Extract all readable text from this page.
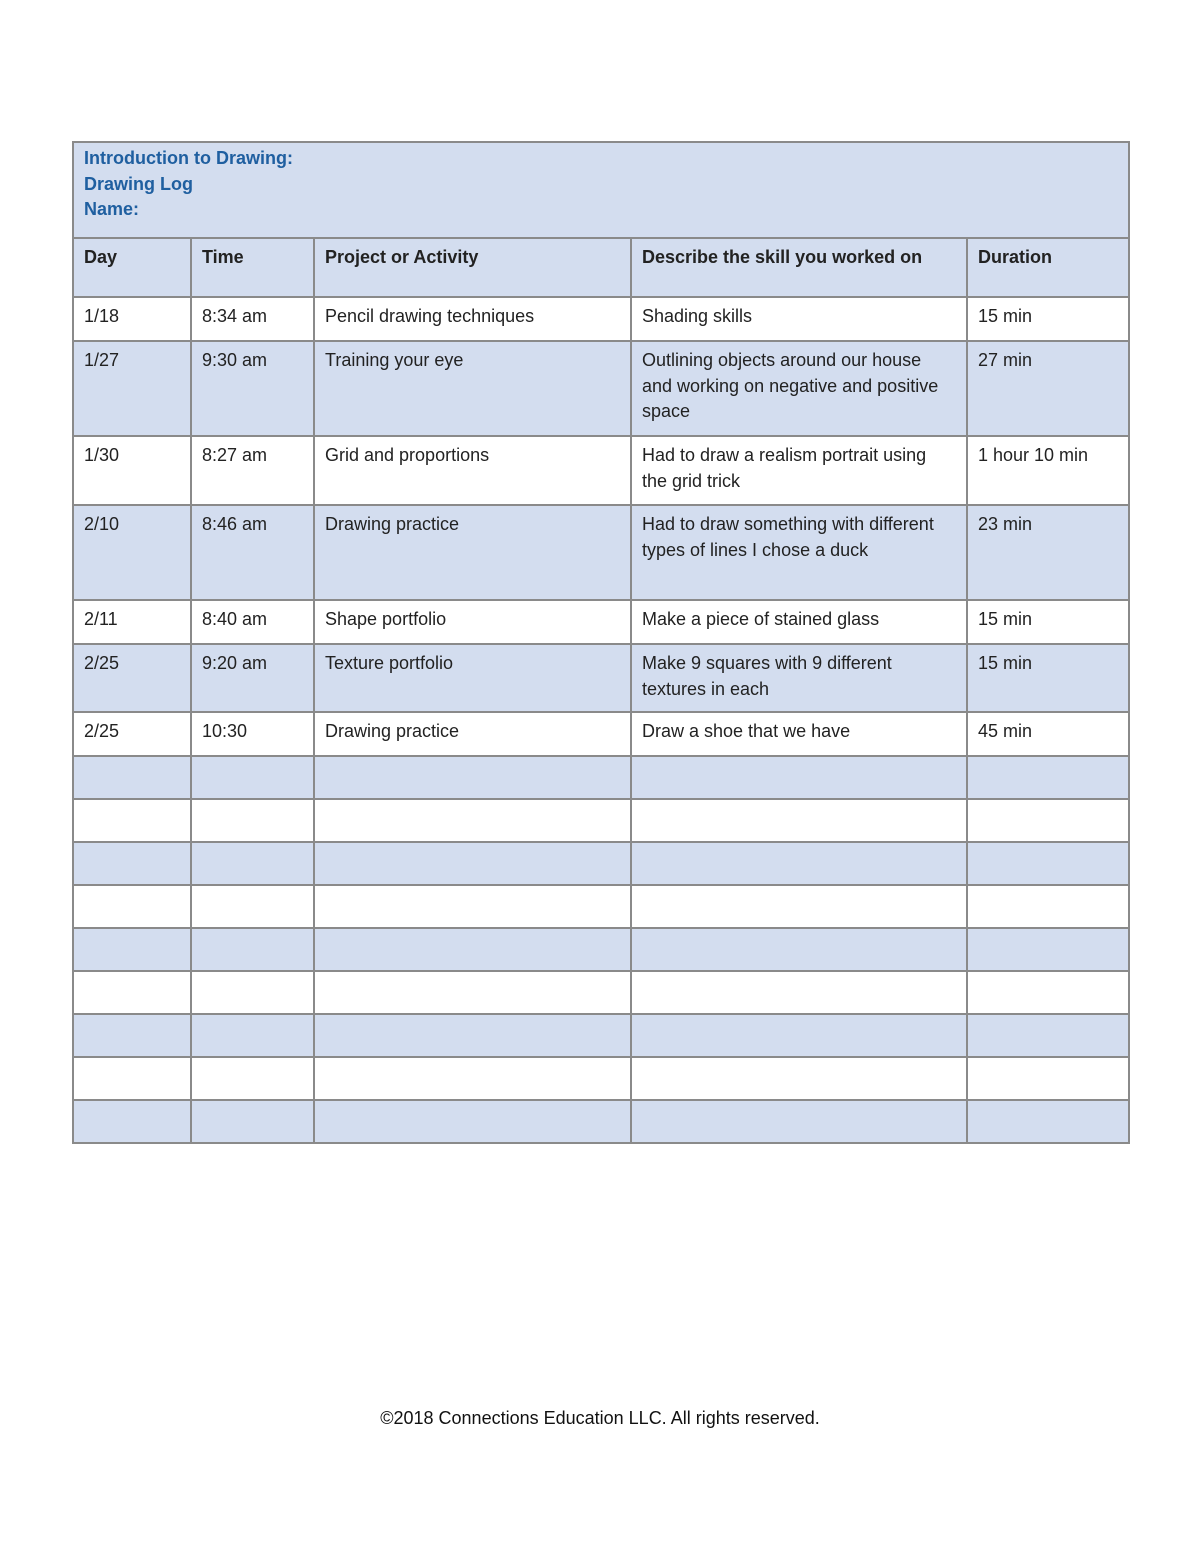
Introduction to Drawing:
Drawing Log
Name:				

Day	Time	Project or Activity	Describe the skill you worked on	Duration
1/18	8:34 am	Pencil drawing techniques	Shading skills	15 min
1/27	9:30 am	Training your eye	Outlining objects around our house and working on negative and positive space	27 min
1/30	8:27 am	Grid and proportions	Had to draw a realism portrait using the grid trick	1 hour 10 min
2/10	8:46 am	Drawing practice	Had to draw something with different types of lines I chose a duck	23 min
2/11	8:40 am	Shape portfolio	Make a piece of stained glass	15 min
2/25	9:20 am	Texture portfolio	Make 9 squares with 9 different textures in each	15 min
2/25	10:30	Drawing practice	Draw a shoe that we have	45 min

©2018 Connections Education LLC. All rights reserved.
